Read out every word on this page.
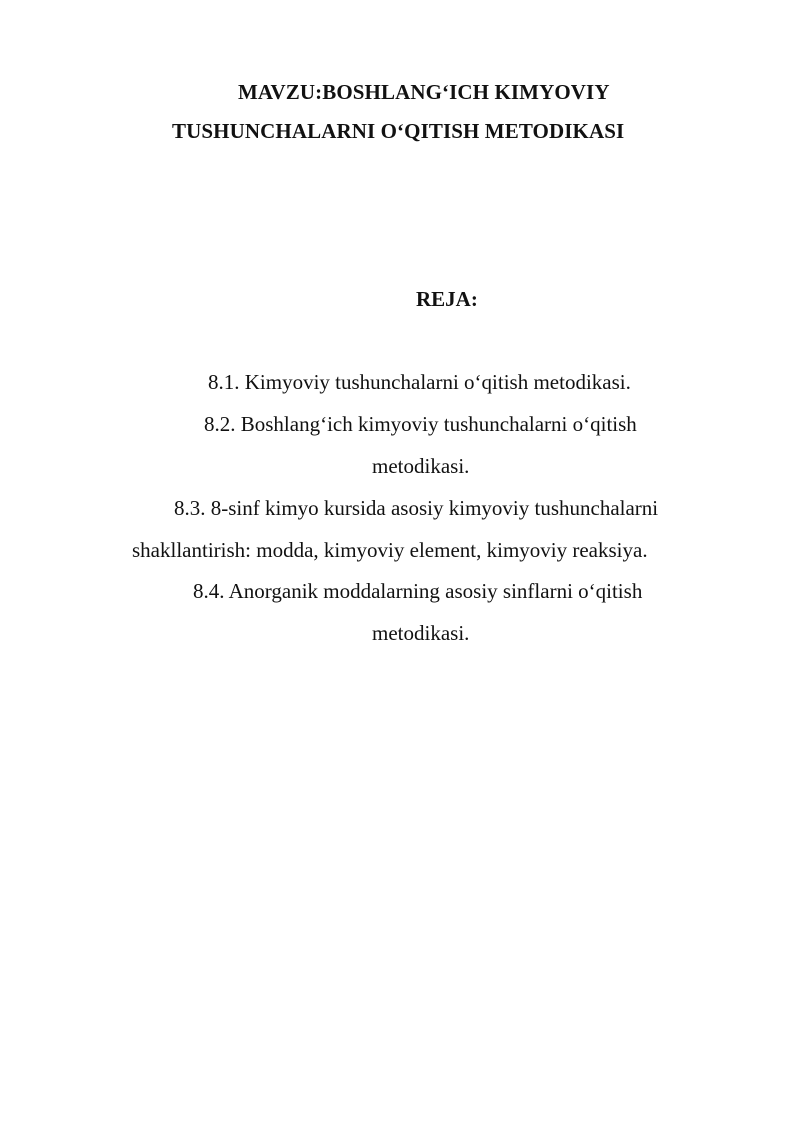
MAVZU:BOSHLANG‘ICH KIMYOVIY
TUSHUNCHALARNI O‘QITISH METODIKASI
REJA:
8.1. Kimyoviy tushunchalarni o‘qitish metodikasi.
8.2. Boshlang‘ich kimyoviy tushunchalarni o‘qitish
metodikasi.
8.3. 8-sinf kimyo kursida asosiy kimyoviy tushunchalarni
shakllantirish: modda, kimyoviy element, kimyoviy reaksiya.
8.4. Anorganik moddalarning asosiy sinflarni o‘qitish
metodikasi.
